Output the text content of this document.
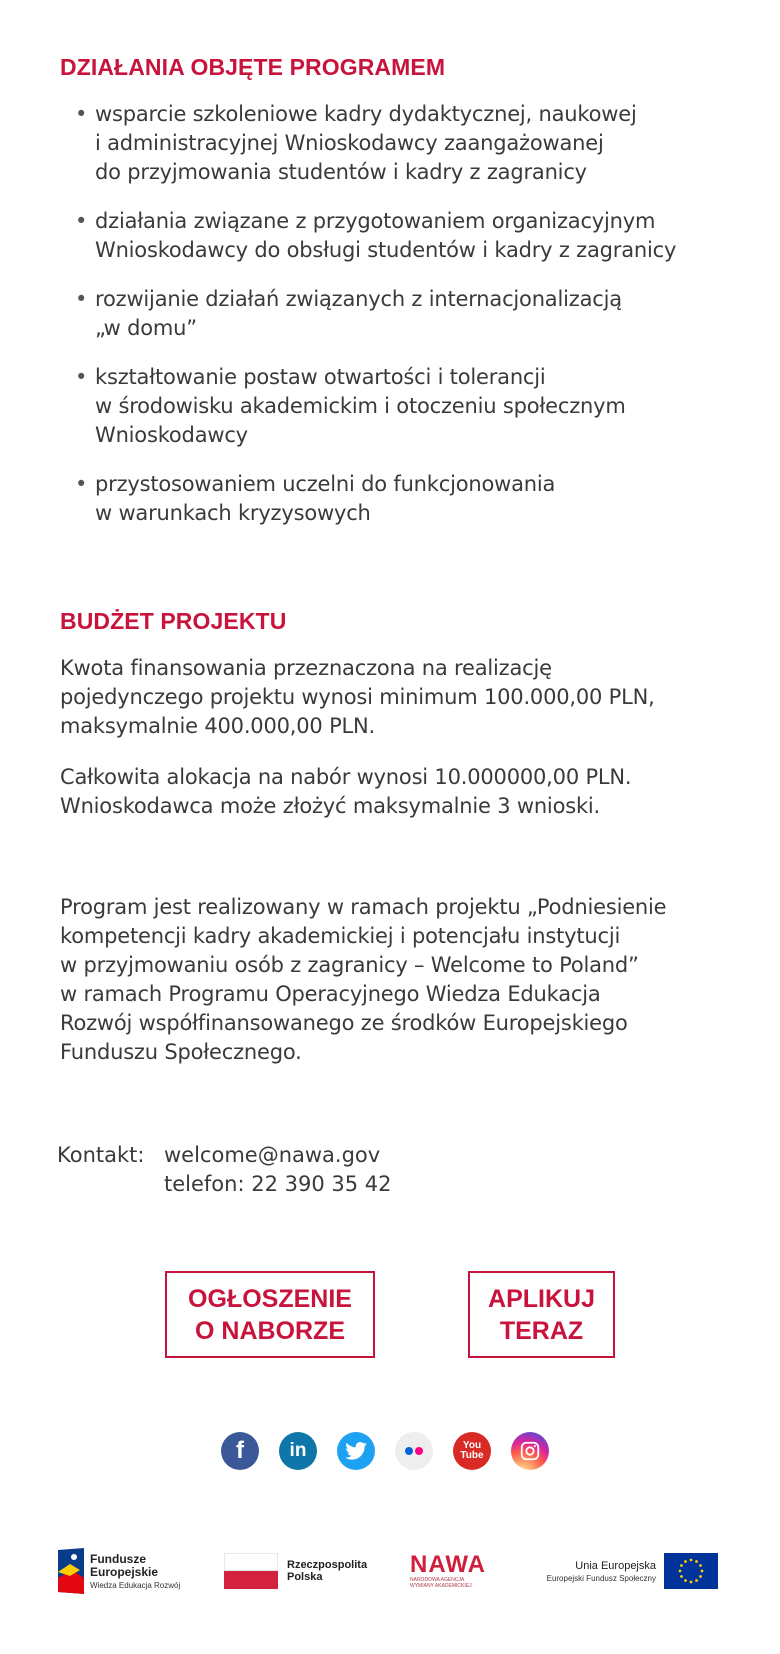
DZIAŁANIA OBJĘTE PROGRAMEM
• wsparcie szkoleniowe kadry dydaktycznej, naukowej
i administracyjnej Wnioskodawcy zaangażowanej
do przyjmowania studentów i kadry z zagranicy
• działania związane z przygotowaniem organizacyjnym
Wnioskodawcy do obsługi studentów i kadry z zagranicy
• rozwijanie działań związanych z internacjonalizacją
„w domu”
• kształtowanie postaw otwartości i tolerancji
w środowisku akademickim i otoczeniu społecznym
Wnioskodawcy
• przystosowaniem uczelni do funkcjonowania
w warunkach kryzysowych
BUDŻET PROJEKTU

Kwota finansowania przeznaczona na realizację
pojedynczego projektu wynosi minimum 100.000,00 PLN,
maksymalnie 400.000,00 PLN.

Całkowita alokacja na nabór wynosi 10.000000,00 PLN.
Wnioskodawca może złożyć maksymalnie 3 wnioski.

Program jest realizowany w ramach projektu „Podniesienie
kompetencji kadry akademickiej i potencjału instytucji
w przyjmowaniu osób z zagranicy – Welcome to Poland”
w ramach Programu Operacyjnego Wiedza Edukacja
Rozwój współfinansowanego ze środków Europejskiego
Funduszu Społecznego.

Kontakt: welcome@nawa.gov
telefon: 22 390 35 42
OGŁOSZENIE
O NABORZE
APLIKUJ
TERAZ
f in	You
Tube
Fundusze
Europejskie
Wiedza Edukacja Rozwój
Rzeczpospolita
Polska	NAWA
NARODOWA AGENCJA
WYMIANY AKADEMICKIEJ
Unia Europejska
Europejski Fundusz Społeczny
